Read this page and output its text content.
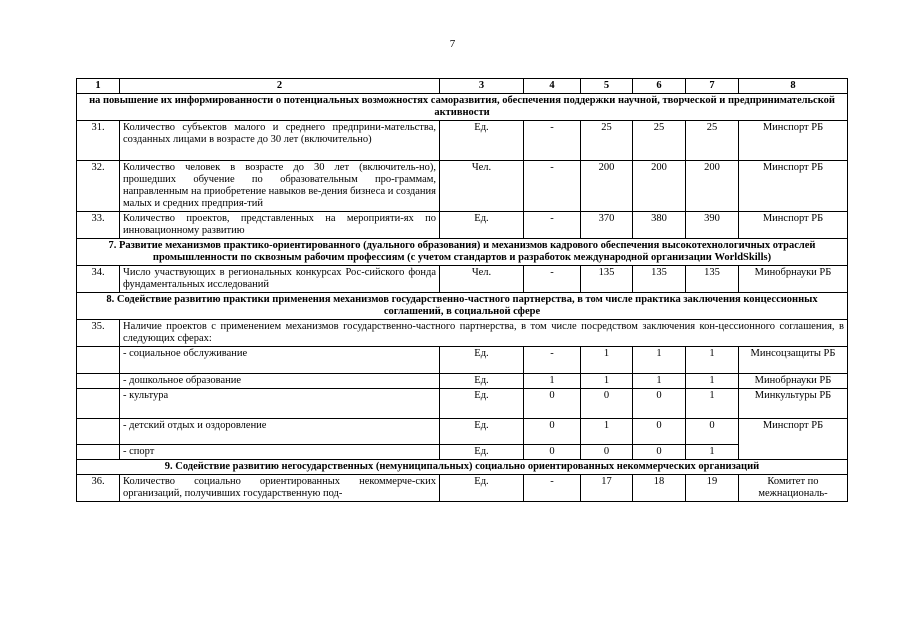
7
1	2	3	4	5	6	7	8
на повышение их информированности о потенциальных возможностях саморазвития, обеспечения поддержки научной, творческой и предпринимательской активности							
31.	Количество субъектов малого и среднего предприни-мательства, созданных лицами в возрасте до 30 лет (включительно)	Ед.	-	25	25	25	Минспорт РБ
32.	Количество человек в возрасте до 30 лет (включитель-но), прошедших обучение по образовательным про-граммам, направленным на приобретение навыков ве-дения бизнеса и создания малых и средних предприя-тий	Чел.	-	200	200	200	Минспорт РБ
33.	Количество проектов, представленных на мероприяти-ях по инновационному развитию	Ед.	-	370	380	390	Минспорт РБ
7. Развитие механизмов практико-ориентированного (дуального образования) и механизмов кадрового обеспечения высокотехнологичных отраслей промышленности по сквозным рабочим профессиям (с учетом стандартов и разработок международной организации WorldSkills)							
34.	Число участвующих в региональных конкурсах Рос-сийского фонда фундаментальных исследований	Чел.	-	135	135	135	Минобрнауки РБ
8. Содействие развитию практики применения механизмов государственно-частного партнерства, в том числе практика заключения концессионных соглашений, в социальной сфере							
35.	Наличие проектов с применением механизмов государственно-частного партнерства, в том числе посредством заключения кон-цессионного соглашения, в следующих сферах:						
	- социальное обслуживание	Ед.	-	1	1	1	Минсоцзащиты РБ
	- дошкольное образование	Ед.	1	1	1	1	Минобрнауки РБ
	- культура	Ед.	0	0	0	1	Минкультуры РБ
	- детский отдых и оздоровление	Ед.	0	1	0	0	Минспорт РБ
	- спорт	Ед.	0	0	0	1	
9. Содействие развитию негосударственных (немуниципальных) социально ориентированных некоммерческих организаций							
36.	Количество социально ориентированных некоммерче-ских организаций, получивших государственную под-	Ед.	-	17	18	19	Комитет по межнациональ-
